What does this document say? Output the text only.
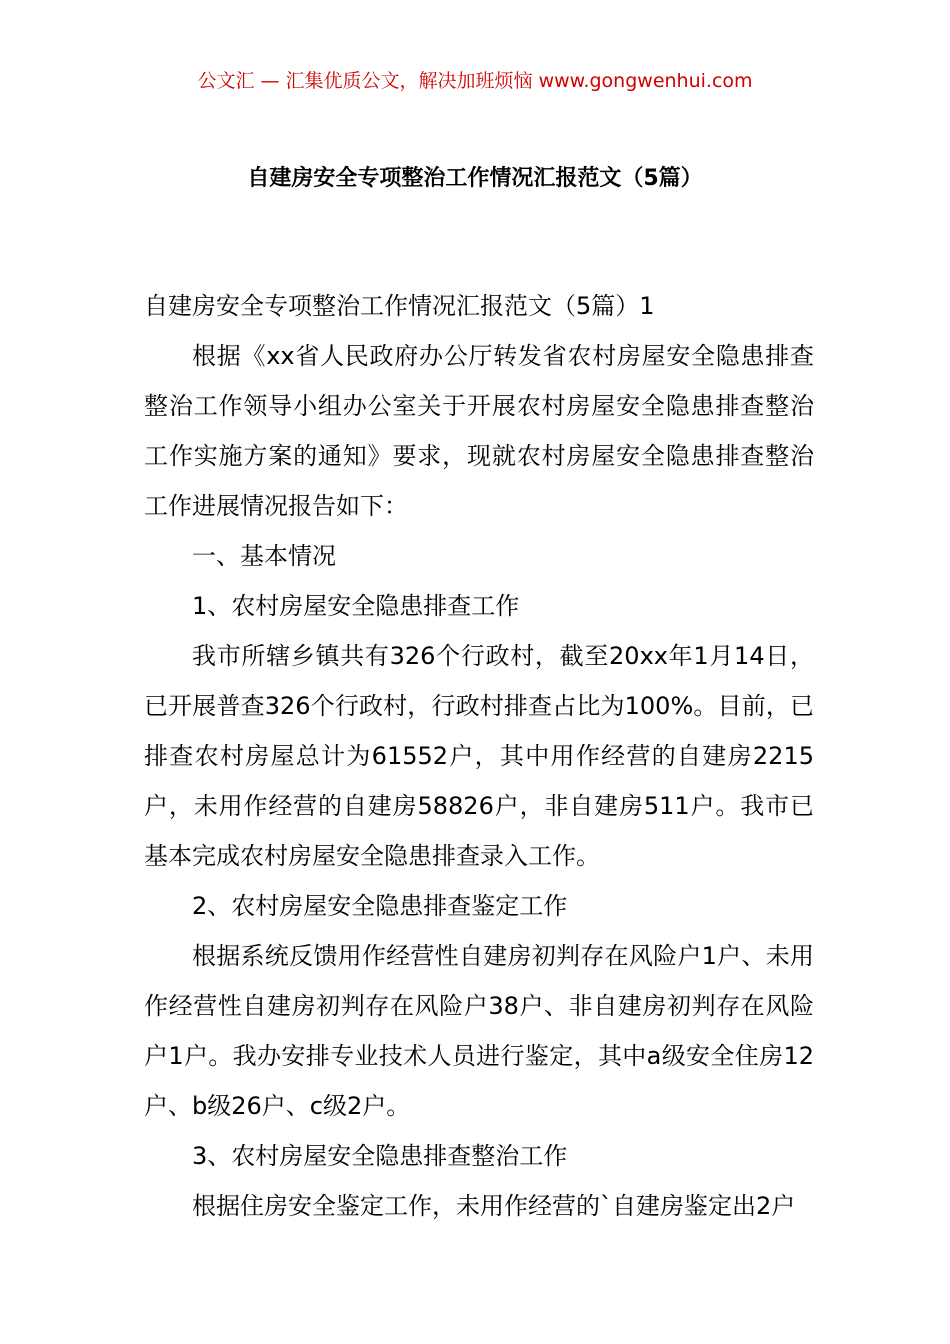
公文汇 — 汇集优质公文，解决加班烦恼 www.gongwenhui.com
自建房安全专项整治工作情况汇报范文（5篇）

自建房安全专项整治工作情况汇报范文（5篇）1

根据《xx省人民政府办公厅转发省农村房屋安全隐患排查整治工作领导小组办公室关于开展农村房屋安全隐患排查整治工作实施方案的通知》要求，现就农村房屋安全隐患排查整治工作进展情况报告如下：

一、基本情况

1、农村房屋安全隐患排查工作

我市所辖乡镇共有326个行政村，截至20xx年1月14日，已开展普查326个行政村，行政村排查占比为100%。目前，已排查农村房屋总计为61552户，其中用作经营的自建房2215户，未用作经营的自建房58826户，非自建房511户。我市已基本完成农村房屋安全隐患排查录入工作。

2、农村房屋安全隐患排查鉴定工作

根据系统反馈用作经营性自建房初判存在风险户1户、未用作经营性自建房初判存在风险户38户、非自建房初判存在风险户1户。我办安排专业技术人员进行鉴定，其中a级安全住房12户、b级26户、c级2户。

3、农村房屋安全隐患排查整治工作

根据住房安全鉴定工作，未用作经营的`自建房鉴定出2户
